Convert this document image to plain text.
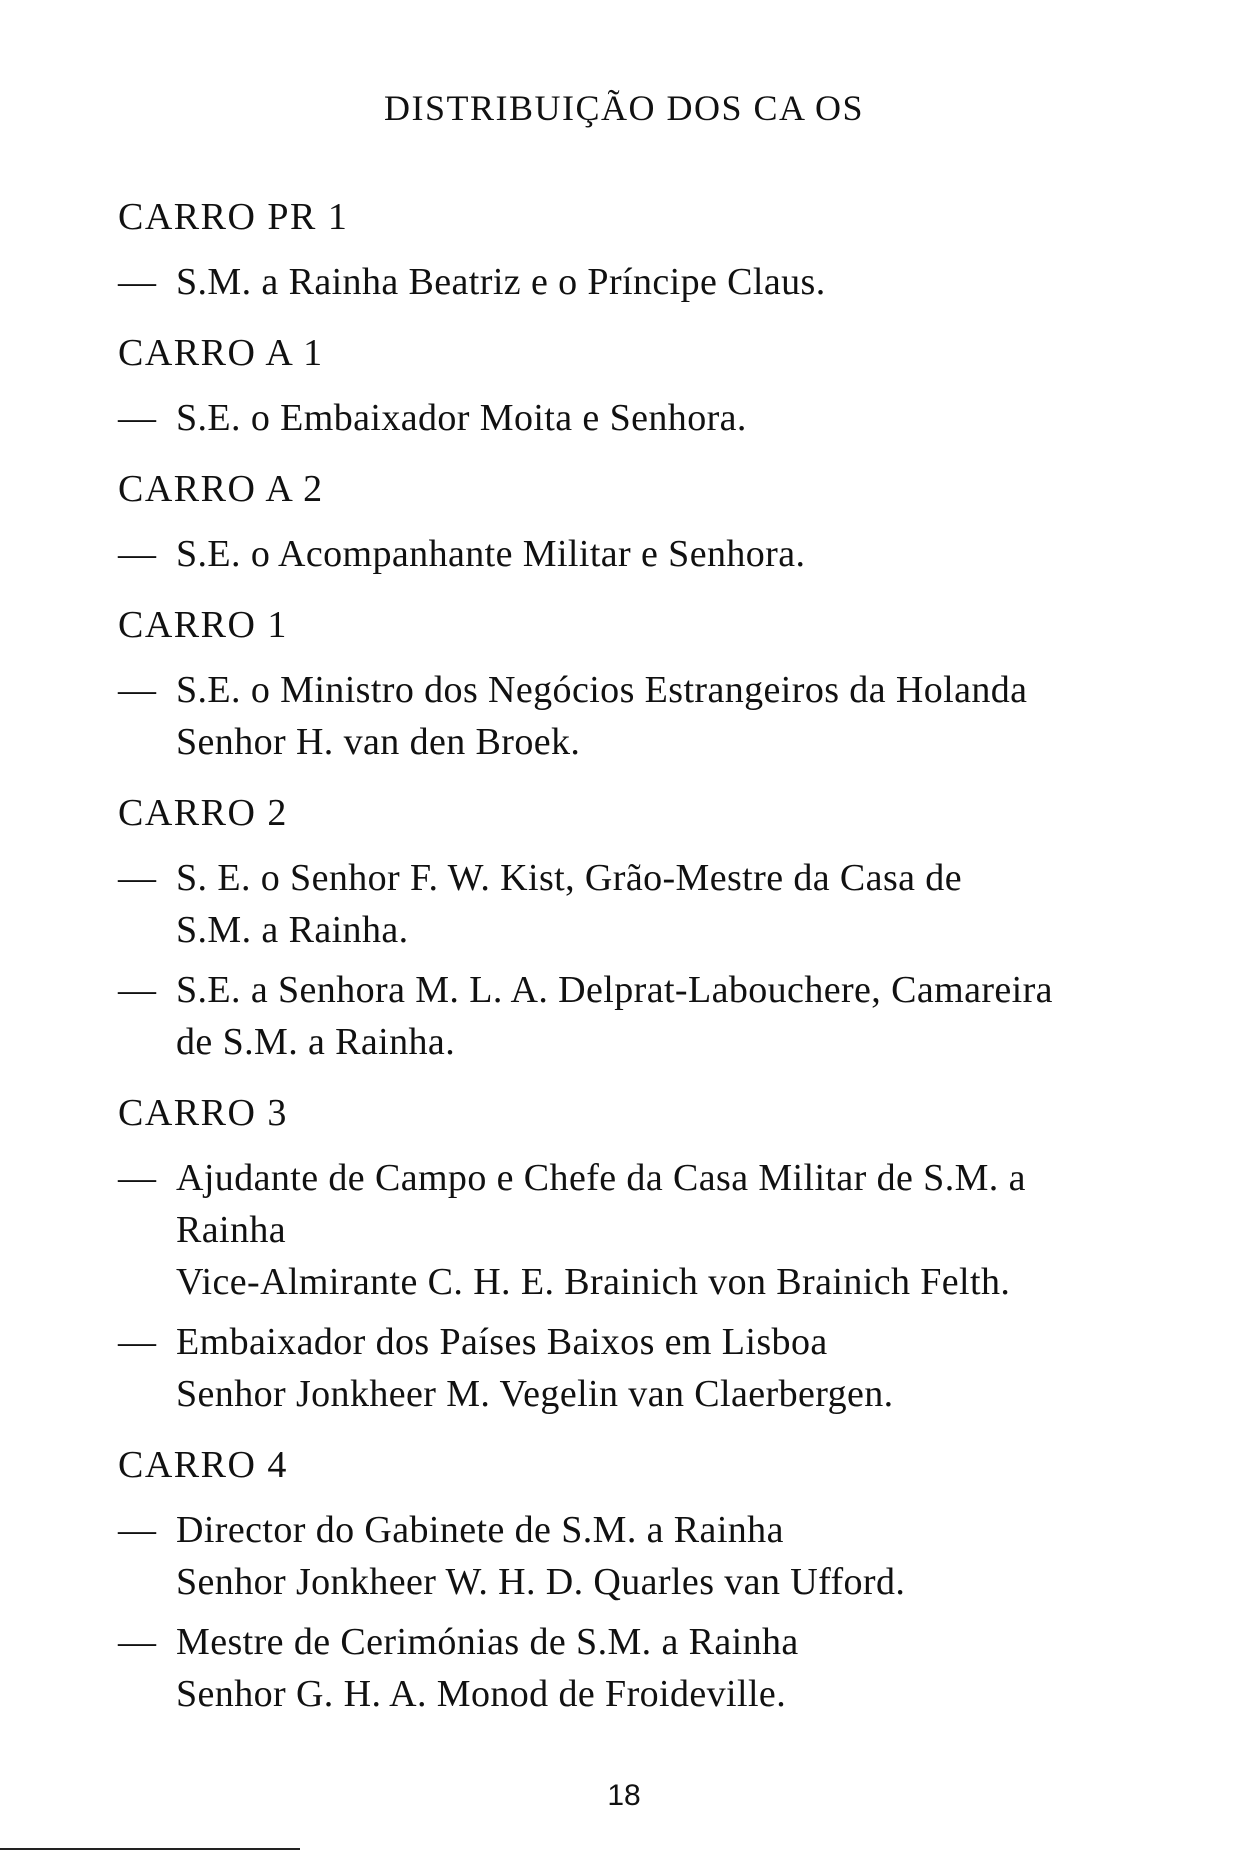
DISTRIBUIÇÃO DOS CA OS
CARRO PR 1
— S.M. a Rainha Beatriz e o Príncipe Claus.
CARRO A 1
— S.E. o Embaixador Moita e Senhora.
CARRO A 2
— S.E. o Acompanhante Militar e Senhora.
CARRO 1
— S.E. o Ministro dos Negócios Estrangeiros da Holanda
Senhor H. van den Broek.
CARRO 2
— S. E. o Senhor F. W. Kist, Grão-Mestre da Casa de
S.M. a Rainha.
— S.E. a Senhora M. L. A. Delprat-Labouchere, Camareira
de S.M. a Rainha.
CARRO 3
— Ajudante de Campo e Chefe da Casa Militar de S.M. a
Rainha
Vice-Almirante C. H. E. Brainich von Brainich Felth.
— Embaixador dos Países Baixos em Lisboa
Senhor Jonkheer M. Vegelin van Claerbergen.
CARRO 4
— Director do Gabinete de S.M. a Rainha
Senhor Jonkheer W. H. D. Quarles van Ufford.
— Mestre de Cerimónias de S.M. a Rainha
Senhor G. H. A. Monod de Froideville.
18
